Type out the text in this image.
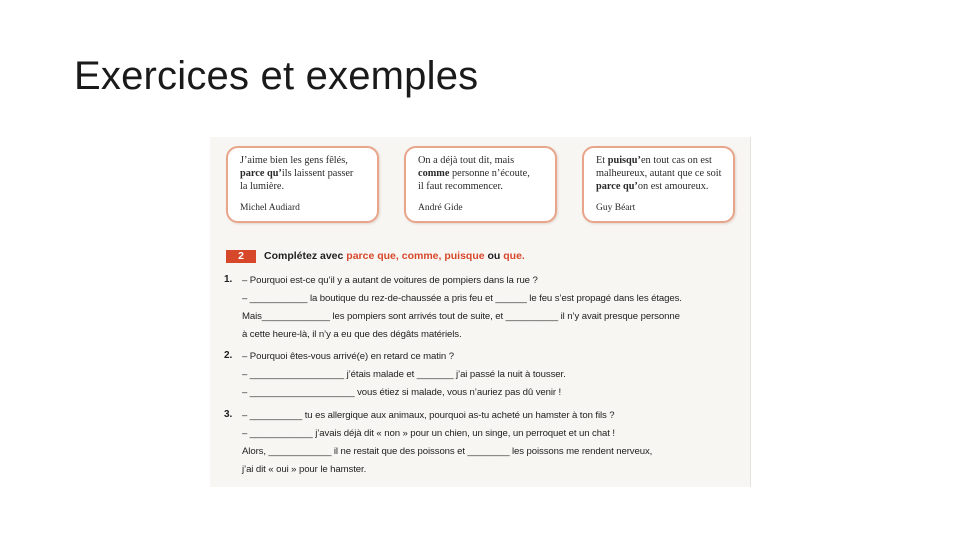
Exercices et exemples
J’aime bien les gens fêlés,
parce qu’ils laissent passer
la lumière.
Michel Audiard
On a déjà tout dit, mais
comme personne n’écoute,
il faut recommencer.
André Gide
Et puisqu’en tout cas on est
malheureux, autant que ce soit
parce qu’on est amoureux.
Guy Béart
2	Complétez avec parce que, comme, puisque ou que.
1. – Pourquoi est-ce qu’il y a autant de voitures de pompiers dans la rue ?
– ___________ la boutique du rez-de-chaussée a pris feu et ______ le feu s’est propagé dans les étages.
Mais_____________ les pompiers sont arrivés tout de suite, et __________ il n’y avait presque personne
à cette heure-là, il n’y a eu que des dégâts matériels.
2. – Pourquoi êtes-vous arrivé(e) en retard ce matin ?
– __________________ j’étais malade et _______ j’ai passé la nuit à tousser.
– ____________________ vous étiez si malade, vous n’auriez pas dû venir !
3. – __________ tu es allergique aux animaux, pourquoi as-tu acheté un hamster à ton fils ?
– ____________ j’avais déjà dit « non » pour un chien, un singe, un perroquet et un chat !
Alors, ____________ il ne restait que des poissons et ________ les poissons me rendent nerveux,
j’ai dit « oui » pour le hamster.
